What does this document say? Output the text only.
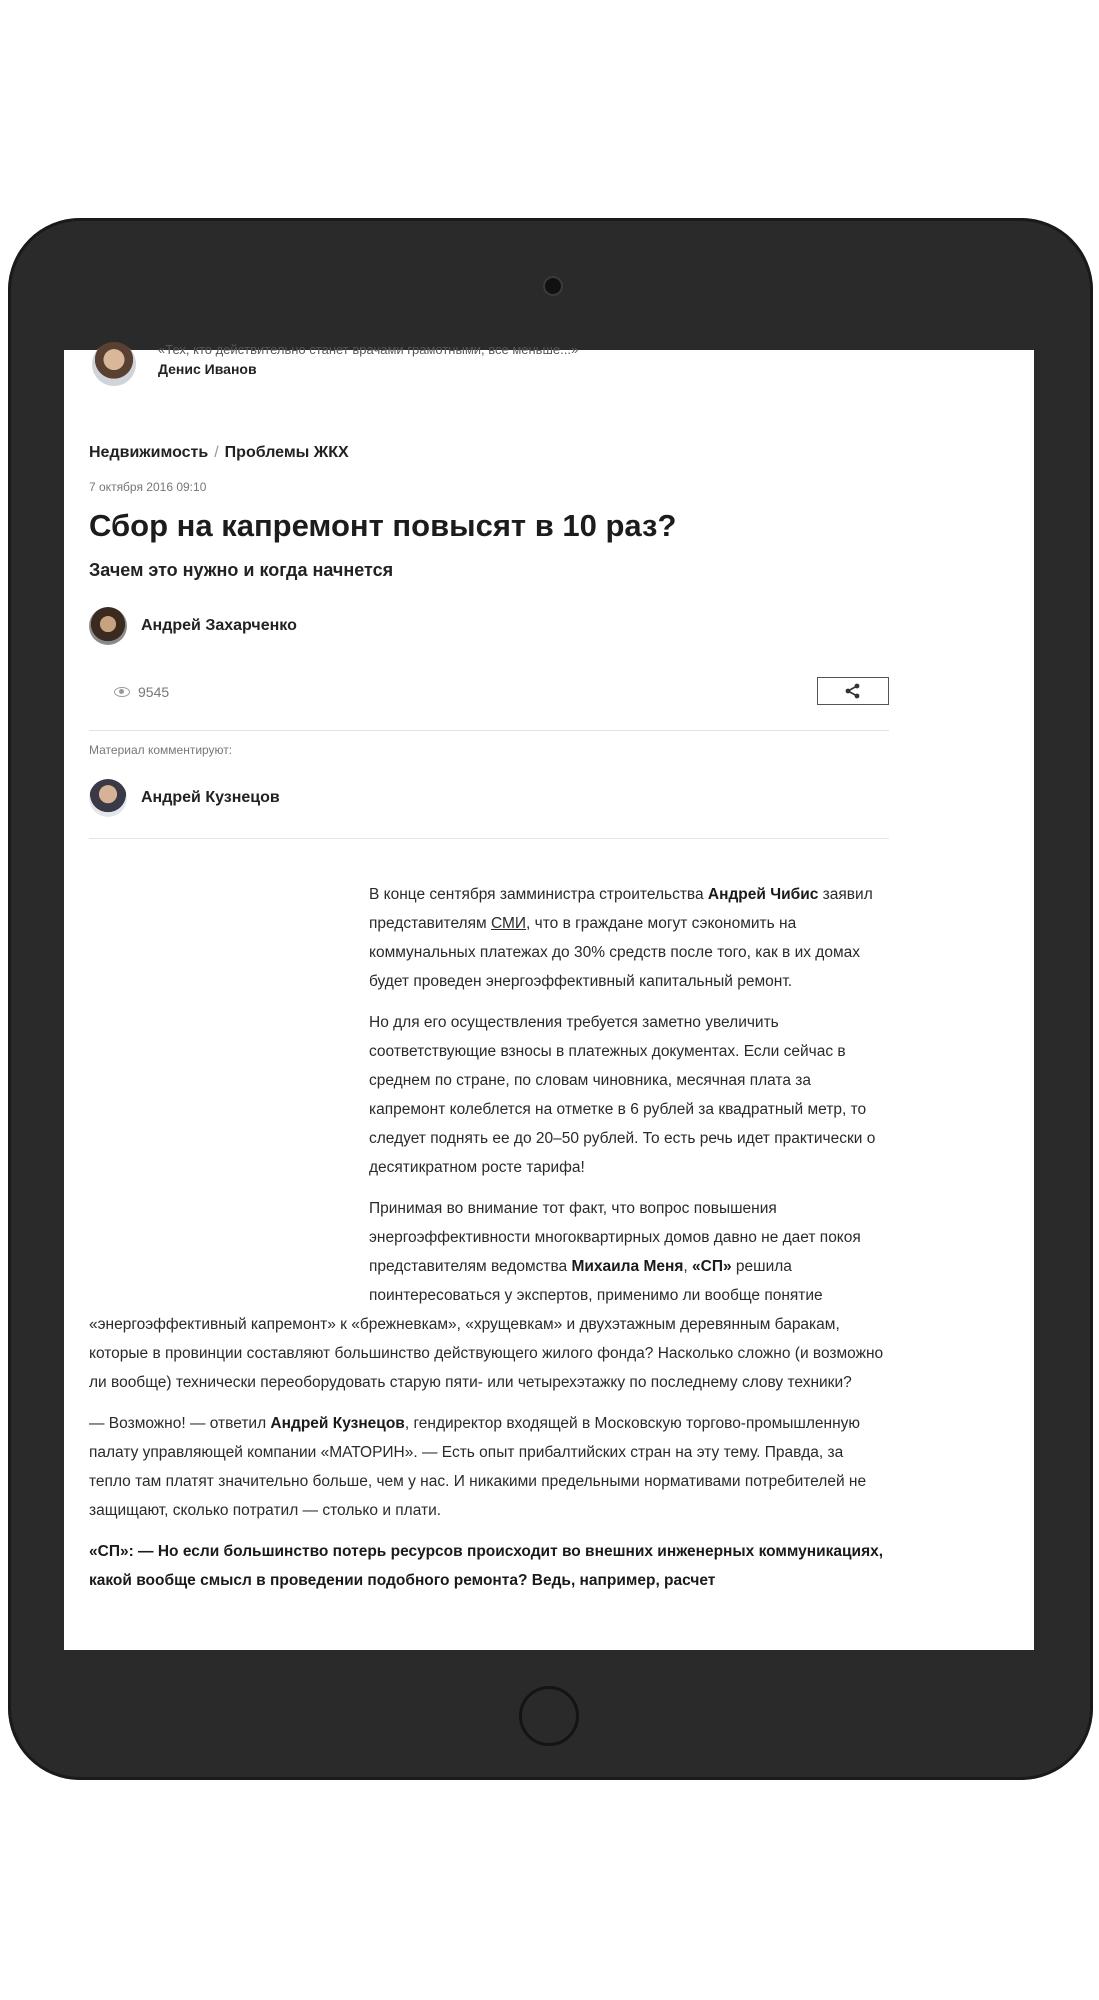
«Тех, кто действительно станет врачами грамотными, все меньше...»
Денис Иванов
Недвижимость / Проблемы ЖКХ
7 октября 2016 09:10
Сбор на капремонт повысят в 10 раз?
Зачем это нужно и когда начнется
Андрей Захарченко
9545
Материал комментируют:
Андрей Кузнецов

В конце сентября замминистра строительства Андрей Чибис заявил представителям СМИ, что в граждане могут сэкономить на коммунальных платежах до 30% средств после того, как в их домах будет проведен энергоэффективный капитальный ремонт.

Но для его осуществления требуется заметно увеличить соответствующие взносы в платежных документах. Если сейчас в среднем по стране, по словам чиновника, месячная плата за капремонт колеблется на отметке в 6 рублей за квадратный метр, то следует поднять ее до 20–50 рублей. То есть речь идет практически о десятикратном росте тарифа!

Принимая во внимание тот факт, что вопрос повышения энергоэффективности многоквартирных домов давно не дает покоя представителям ведомства Михаила Меня, «СП» решила поинтересоваться у экспертов, применимо ли вообще понятие «энергоэффективный капремонт» к «брежневкам», «хрущевкам» и двухэтажным деревянным баракам, которые в провинции составляют большинство действующего жилого фонда? Насколько сложно (и возможно ли вообще) технически переоборудовать старую пяти- или четырехэтажку по последнему слову техники?

— Возможно! — ответил Андрей Кузнецов, гендиректор входящей в Московскую торгово-промышленную палату управляющей компании «МАТОРИН». — Есть опыт прибалтийских стран на эту тему. Правда, за тепло там платят значительно больше, чем у нас. И никакими предельными нормативами потребителей не защищают, сколько потратил — столько и плати.

«СП»: — Но если большинство потерь ресурсов происходит во внешних инженерных коммуникациях, какой вообще смысл в проведении подобного ремонта? Ведь, например, расчет
